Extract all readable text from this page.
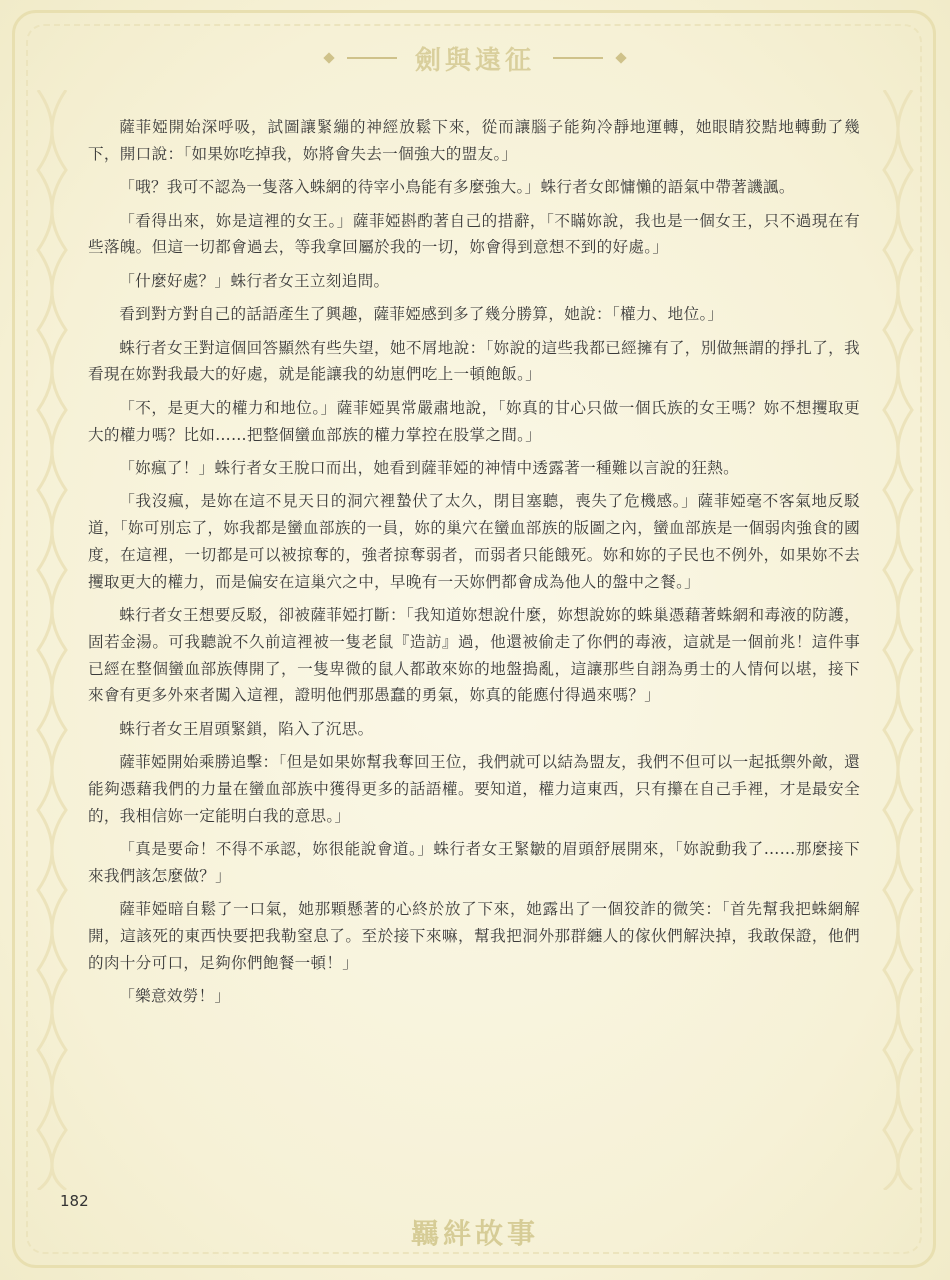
劍與遠征

薩菲婭開始深呼吸，試圖讓緊繃的神經放鬆下來，從而讓腦子能夠冷靜地運轉，她眼睛狡黠地轉動了幾下，開口說：「如果妳吃掉我，妳將會失去一個強大的盟友。」

「哦？我可不認為一隻落入蛛網的待宰小鳥能有多麼強大。」蛛行者女郎慵懶的語氣中帶著譏諷。

「看得出來，妳是這裡的女王。」薩菲婭斟酌著自己的措辭，「不瞞妳說，我也是一個女王，只不過現在有些落魄。但這一切都會過去，等我拿回屬於我的一切，妳會得到意想不到的好處。」

「什麼好處？」蛛行者女王立刻追問。

看到對方對自己的話語產生了興趣，薩菲婭感到多了幾分勝算，她說：「權力、地位。」

蛛行者女王對這個回答顯然有些失望，她不屑地說：「妳說的這些我都已經擁有了，別做無謂的掙扎了，我看現在妳對我最大的好處，就是能讓我的幼崽們吃上一頓飽飯。」

「不，是更大的權力和地位。」薩菲婭異常嚴肅地說，「妳真的甘心只做一個氏族的女王嗎？妳不想攫取更大的權力嗎？比如……把整個蠻血部族的權力掌控在股掌之間。」

「妳瘋了！」蛛行者女王脫口而出，她看到薩菲婭的神情中透露著一種難以言說的狂熱。

「我沒瘋，是妳在這不見天日的洞穴裡蟄伏了太久，閉目塞聽，喪失了危機感。」薩菲婭毫不客氣地反駁道，「妳可別忘了，妳我都是蠻血部族的一員，妳的巢穴在蠻血部族的版圖之內，蠻血部族是一個弱肉強食的國度，在這裡，一切都是可以被掠奪的，強者掠奪弱者，而弱者只能餓死。妳和妳的子民也不例外，如果妳不去攫取更大的權力，而是偏安在這巢穴之中，早晚有一天妳們都會成為他人的盤中之餐。」

蛛行者女王想要反駁，卻被薩菲婭打斷：「我知道妳想說什麼，妳想說妳的蛛巢憑藉著蛛網和毒液的防護，固若金湯。可我聽說不久前這裡被一隻老鼠『造訪』過，他還被偷走了你們的毒液，這就是一個前兆！這件事已經在整個蠻血部族傳開了，一隻卑微的鼠人都敢來妳的地盤搗亂，這讓那些自詡為勇士的人情何以堪，接下來會有更多外來者闖入這裡，證明他們那愚蠢的勇氣，妳真的能應付得過來嗎？」

蛛行者女王眉頭緊鎖，陷入了沉思。

薩菲婭開始乘勝追擊：「但是如果妳幫我奪回王位，我們就可以結為盟友，我們不但可以一起抵禦外敵，還能夠憑藉我們的力量在蠻血部族中獲得更多的話語權。要知道，權力這東西，只有攥在自己手裡，才是最安全的，我相信妳一定能明白我的意思。」

「真是要命！不得不承認，妳很能說會道。」蛛行者女王緊皺的眉頭舒展開來，「妳說動我了……那麼接下來我們該怎麼做？」

薩菲婭暗自鬆了一口氣，她那顆懸著的心終於放了下來，她露出了一個狡詐的微笑：「首先幫我把蛛網解開，這該死的東西快要把我勒窒息了。至於接下來嘛，幫我把洞外那群纏人的傢伙們解決掉，我敢保證，他們的肉十分可口，足夠你們飽餐一頓！」

「樂意效勞！」

182
羈絆故事
